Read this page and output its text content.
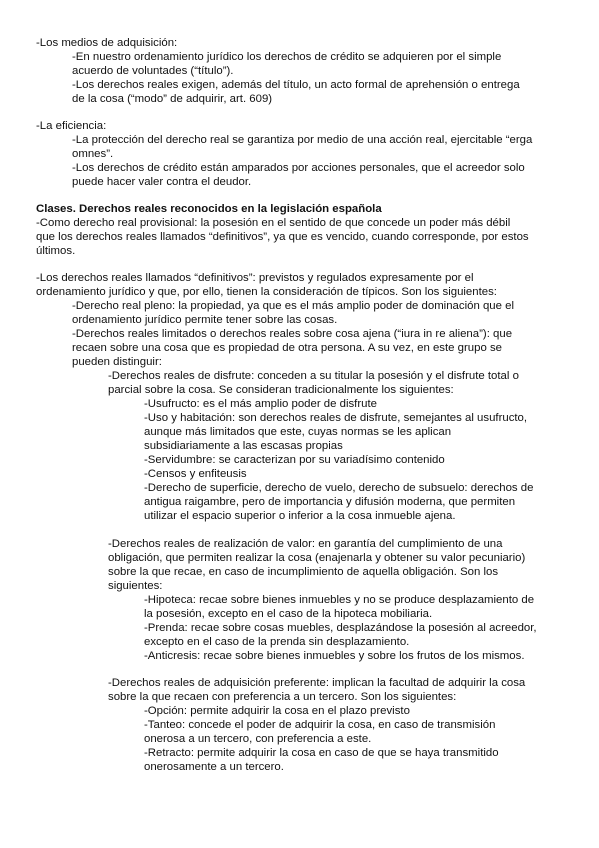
-Los medios de adquisición:
-En nuestro ordenamiento jurídico los derechos de crédito se adquieren por el simple
acuerdo de voluntades (“título”).
-Los derechos reales exigen, además del título, un acto formal de aprehensión o entrega
de la cosa (“modo” de adquirir, art. 609)
-La eficiencia:
-La protección del derecho real se garantiza por medio de una acción real, ejercitable “erga
omnes”.
-Los derechos de crédito están amparados por acciones personales, que el acreedor solo
puede hacer valer contra el deudor.
Clases. Derechos reales reconocidos en la legislación española
-Como derecho real provisional: la posesión en el sentido de que concede un poder más débil
que los derechos reales llamados “definitivos”, ya que es vencido, cuando corresponde, por estos
últimos.
-Los derechos reales llamados “definitivos”: previstos y regulados expresamente por el
ordenamiento jurídico y que, por ello, tienen la consideración de típicos. Son los siguientes:
-Derecho real pleno: la propiedad, ya que es el más amplio poder de dominación que el
ordenamiento jurídico permite tener sobre las cosas.
-Derechos reales limitados o derechos reales sobre cosa ajena (“iura in re aliena”): que
recaen sobre una cosa que es propiedad de otra persona. A su vez, en este grupo se
pueden distinguir:
-Derechos reales de disfrute: conceden a su titular la posesión y el disfrute total o
parcial sobre la cosa. Se consideran tradicionalmente los siguientes:
-Usufructo: es el más amplio poder de disfrute
-Uso y habitación: son derechos reales de disfrute, semejantes al usufructo,
aunque más limitados que este, cuyas normas se les aplican
subsidiariamente a las escasas propias
-Servidumbre: se caracterizan por su variadísimo contenido
-Censos y enfiteusis
-Derecho de superficie, derecho de vuelo, derecho de subsuelo: derechos de
antigua raigambre, pero de importancia y difusión moderna, que permiten
utilizar el espacio superior o inferior a la cosa inmueble ajena.
-Derechos reales de realización de valor: en garantía del cumplimiento de una
obligación, que permiten realizar la cosa (enajenarla y obtener su valor pecuniario)
sobre la que recae, en caso de incumplimiento de aquella obligación. Son los
siguientes:
-Hipoteca: recae sobre bienes inmuebles y no se produce desplazamiento de
la posesión, excepto en el caso de la hipoteca mobiliaria.
-Prenda: recae sobre cosas muebles, desplazándose la posesión al acreedor,
excepto en el caso de la prenda sin desplazamiento.
-Anticresis: recae sobre bienes inmuebles y sobre los frutos de los mismos.
-Derechos reales de adquisición preferente: implican la facultad de adquirir la cosa
sobre la que recaen con preferencia a un tercero. Son los siguientes:
-Opción: permite adquirir la cosa en el plazo previsto
-Tanteo: concede el poder de adquirir la cosa, en caso de transmisión
onerosa a un tercero, con preferencia a este.
-Retracto: permite adquirir la cosa en caso de que se haya transmitido
onerosamente a un tercero.
